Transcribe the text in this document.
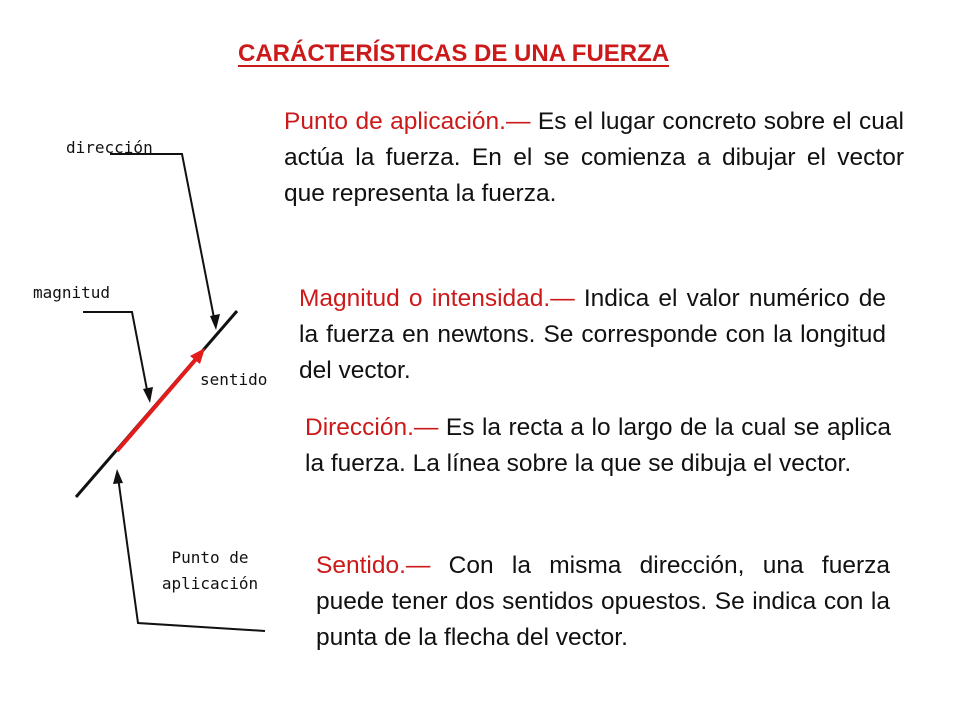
CARÁCTERÍSTICAS DE UNA FUERZA
dirección
magnitud
sentido
Punto de
aplicación
Punto de aplicación.— Es el lugar concreto sobre el cual actúa la fuerza. En el se comienza a dibujar el vector que representa la fuerza.
Magnitud o intensidad.— Indica el valor numérico de la fuerza en newtons. Se corresponde con la longitud del vector.
Dirección.— Es la recta a lo largo de la cual se aplica la fuerza. La línea sobre la que se dibuja el vector.
Sentido.— Con la misma dirección, una fuerza puede tener dos sentidos opuestos. Se indica con la punta de la flecha del vector.
